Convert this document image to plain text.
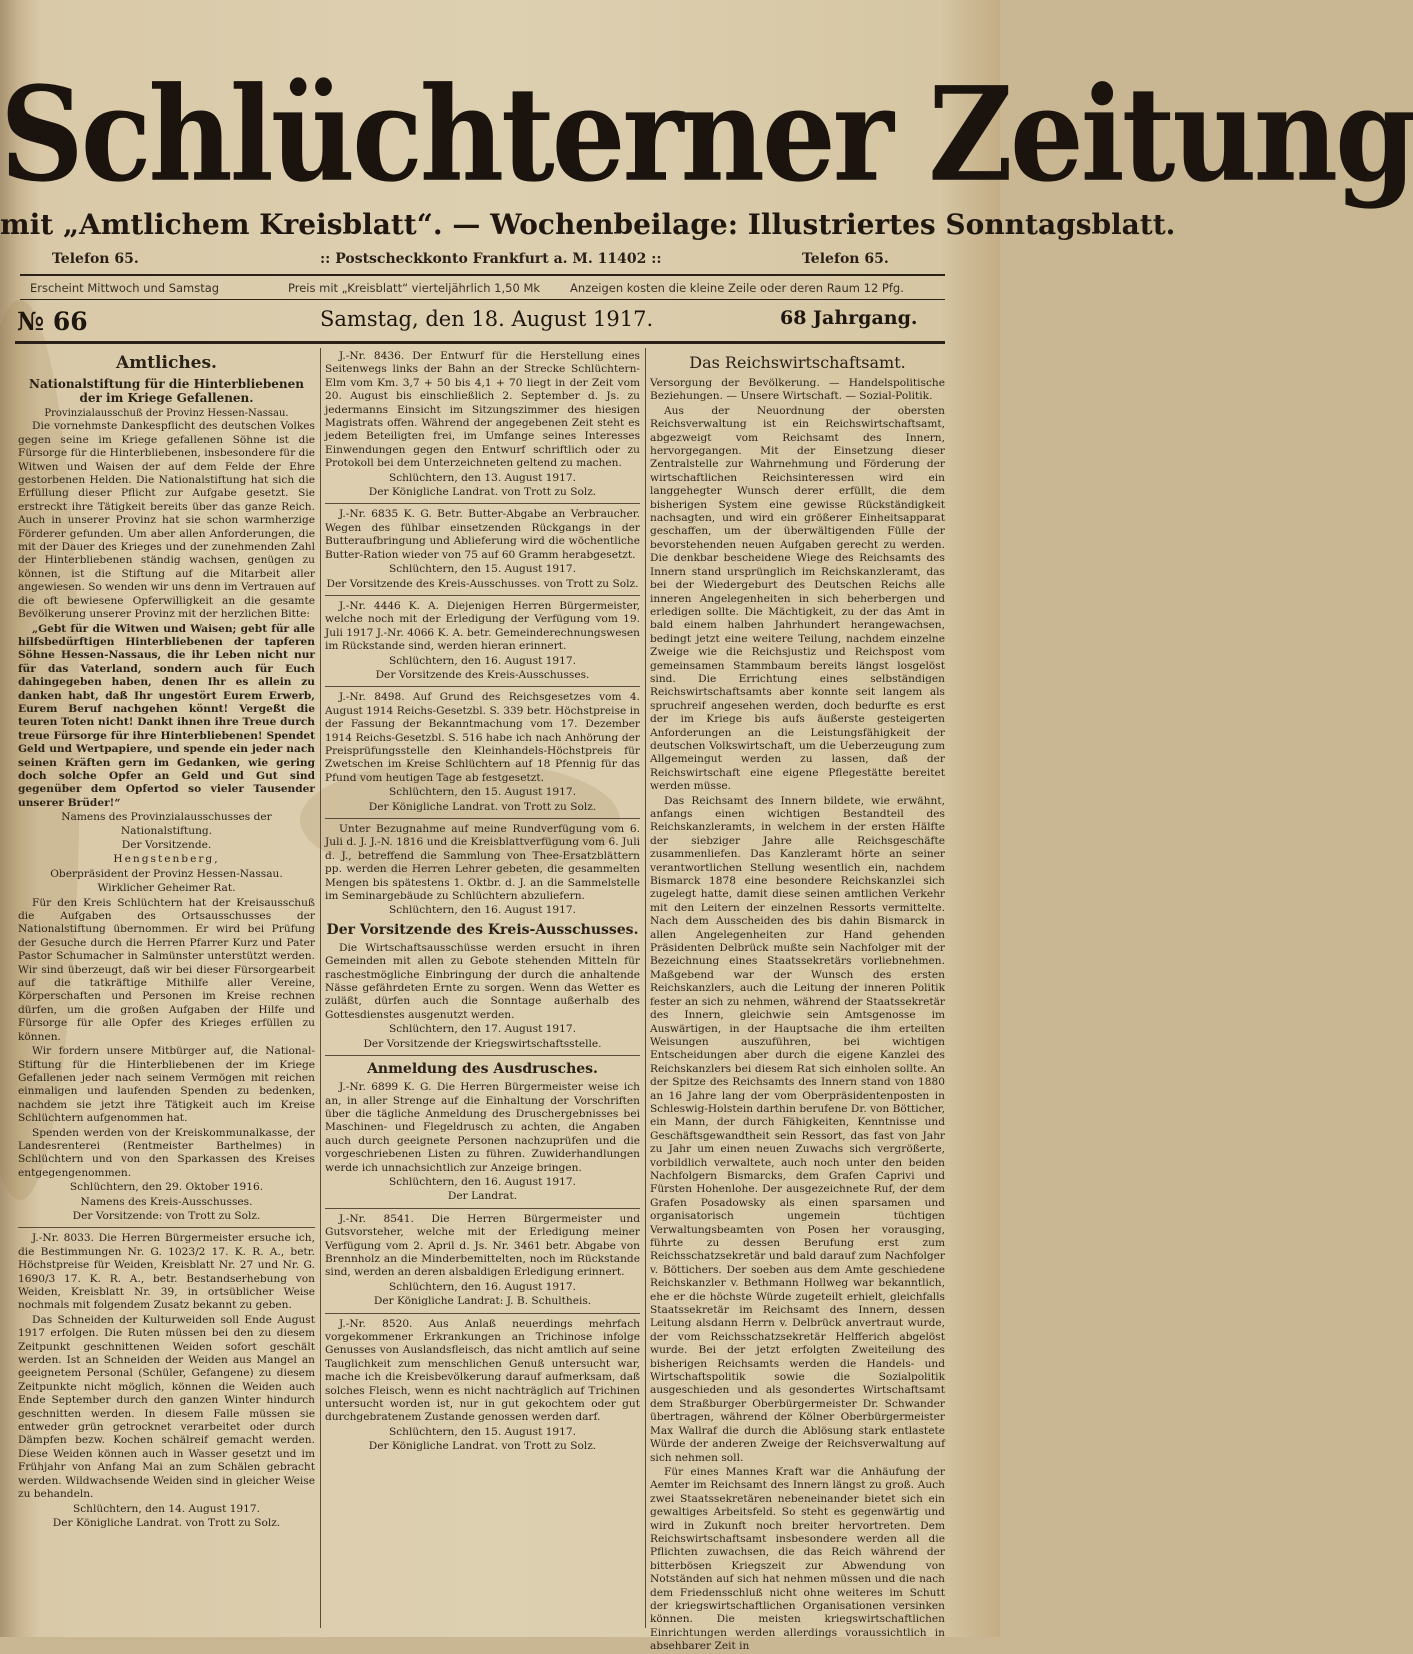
Schlüchterner Zeitung
mit „Amtlichem Kreisblatt“. — Wochenbeilage: Illustriertes Sonntagsblatt.
Telefon 65.	:: Postscheckkonto Frankfurt a. M. 11402 ::	Telefon 65.
Erscheint Mittwoch und Samstag	Preis mit „Kreisblatt“ vierteljährlich 1,50 Mk	Anzeigen kosten die kleine Zeile oder deren Raum 12 Pfg.
№ 66	Samstag, den 18. August 1917.	68 Jahrgang.

Amtliches.

Nationalstiftung für die Hinterbliebenen der im Kriege Gefallenen.

Provinzialausschuß der Provinz Hessen-Nassau.

Die vornehmste Dankespflicht des deutschen Volkes gegen seine im Kriege gefallenen Söhne ist die Fürsorge für die Hinterbliebenen, insbesondere für die Witwen und Waisen der auf dem Felde der Ehre gestorbenen Helden. Die Nationalstiftung hat sich die Erfüllung dieser Pflicht zur Aufgabe gesetzt. Sie erstreckt ihre Tätigkeit bereits über das ganze Reich. Auch in unserer Provinz hat sie schon warmherzige Förderer gefunden. Um aber allen Anforderungen, die mit der Dauer des Krieges und der zunehmenden Zahl der Hinterbliebenen ständig wachsen, genügen zu können, ist die Stiftung auf die Mitarbeit aller angewiesen. So wenden wir uns denn im Vertrauen auf die oft bewiesene Opferwilligkeit an die gesamte Bevölkerung unserer Provinz mit der herzlichen Bitte:

„Gebt für die Witwen und Waisen; gebt für alle hilfsbedürftigen Hinterbliebenen der tapferen Söhne Hessen-Nassaus, die ihr Leben nicht nur für das Vaterland, sondern auch für Euch dahingegeben haben, denen Ihr es allein zu danken habt, daß Ihr ungestört Eurem Erwerb, Eurem Beruf nachgehen könnt! Vergeßt die teuren Toten nicht! Dankt ihnen ihre Treue durch treue Fürsorge für ihre Hinterbliebenen! Spendet Geld und Wertpapiere, und spende ein jeder nach seinen Kräften gern im Gedanken, wie gering doch solche Opfer an Geld und Gut sind gegenüber dem Opfertod so vieler Tausender unserer Brüder!“

Namens des Provinzialausschusses der Nationalstiftung.

Der Vorsitzende.

Hengstenberg,

Oberpräsident der Provinz Hessen-Nassau.

Wirklicher Geheimer Rat.

Für den Kreis Schlüchtern hat der Kreisausschuß die Aufgaben des Ortsausschusses der Nationalstiftung übernommen. Er wird bei Prüfung der Gesuche durch die Herren Pfarrer Kurz und Pater Pastor Schumacher in Salmünster unterstützt werden. Wir sind überzeugt, daß wir bei dieser Fürsorgearbeit auf die tatkräftige Mithilfe aller Vereine, Körperschaften und Personen im Kreise rechnen dürfen, um die großen Aufgaben der Hilfe und Fürsorge für alle Opfer des Krieges erfüllen zu können.

Wir fordern unsere Mitbürger auf, die National-Stiftung für die Hinterbliebenen der im Kriege Gefallenen jeder nach seinem Vermögen mit reichen einmaligen und laufenden Spenden zu bedenken, nachdem sie jetzt ihre Tätigkeit auch im Kreise Schlüchtern aufgenommen hat.

Spenden werden von der Kreiskommunalkasse, der Landesrenterei (Rentmeister Barthelmes) in Schlüchtern und von den Sparkassen des Kreises entgegengenommen.

Schlüchtern, den 29. Oktober 1916.

Namens des Kreis-Ausschusses.

Der Vorsitzende: von Trott zu Solz.

J.-Nr. 8033. Die Herren Bürgermeister ersuche ich, die Bestimmungen Nr. G. 1023/2 17. K. R. A., betr. Höchstpreise für Weiden, Kreisblatt Nr. 27 und Nr. G. 1690/3 17. K. R. A., betr. Bestandserhebung von Weiden, Kreisblatt Nr. 39, in ortsüblicher Weise nochmals mit folgendem Zusatz bekannt zu geben.

Das Schneiden der Kulturweiden soll Ende August 1917 erfolgen. Die Ruten müssen bei den zu diesem Zeitpunkt geschnittenen Weiden sofort geschält werden. Ist an Schneiden der Weiden aus Mangel an geeignetem Personal (Schüler, Gefangene) zu diesem Zeitpunkte nicht möglich, können die Weiden auch Ende September durch den ganzen Winter hindurch geschnitten werden. In diesem Falle müssen sie entweder grün getrocknet verarbeitet oder durch Dämpfen bezw. Kochen schälreif gemacht werden. Diese Weiden können auch in Wasser gesetzt und im Frühjahr von Anfang Mai an zum Schälen gebracht werden. Wildwachsende Weiden sind in gleicher Weise zu behandeln.

Schlüchtern, den 14. August 1917.

Der Königliche Landrat. von Trott zu Solz.

J.-Nr. 8436. Der Entwurf für die Herstellung eines Seitenwegs links der Bahn an der Strecke Schlüchtern-Elm vom Km. 3,7 + 50 bis 4,1 + 70 liegt in der Zeit vom 20. August bis einschließlich 2. September d. Js. zu jedermanns Einsicht im Sitzungszimmer des hiesigen Magistrats offen. Während der angegebenen Zeit steht es jedem Beteiligten frei, im Umfange seines Interesses Einwendungen gegen den Entwurf schriftlich oder zu Protokoll bei dem Unterzeichneten geltend zu machen.

Schlüchtern, den 13. August 1917.

Der Königliche Landrat. von Trott zu Solz.

J.-Nr. 6835 K. G. Betr. Butter-Abgabe an Verbraucher. Wegen des fühlbar einsetzenden Rückgangs in der Butteraufbringung und Ablieferung wird die wöchentliche Butter-Ration wieder von 75 auf 60 Gramm herabgesetzt.

Schlüchtern, den 15. August 1917.

Der Vorsitzende des Kreis-Ausschusses. von Trott zu Solz.

J.-Nr. 4446 K. A. Diejenigen Herren Bürgermeister, welche noch mit der Erledigung der Verfügung vom 19. Juli 1917 J.-Nr. 4066 K. A. betr. Gemeinderechnungswesen im Rückstande sind, werden hieran erinnert.

Schlüchtern, den 16. August 1917.

Der Vorsitzende des Kreis-Ausschusses.

J.-Nr. 8498. Auf Grund des Reichsgesetzes vom 4. August 1914 Reichs-Gesetzbl. S. 339 betr. Höchstpreise in der Fassung der Bekanntmachung vom 17. Dezember 1914 Reichs-Gesetzbl. S. 516 habe ich nach Anhörung der Preisprüfungsstelle den Kleinhandels-Höchstpreis für Zwetschen im Kreise Schlüchtern auf 18 Pfennig für das Pfund vom heutigen Tage ab festgesetzt.

Schlüchtern, den 15. August 1917.

Der Königliche Landrat. von Trott zu Solz.

Unter Bezugnahme auf meine Rundverfügung vom 6. Juli d. J. J.-N. 1816 und die Kreisblattverfügung vom 6. Juli d. J., betreffend die Sammlung von Thee-Ersatzblättern pp. werden die Herren Lehrer gebeten, die gesammelten Mengen bis spätestens 1. Oktbr. d. J. an die Sammelstelle im Seminargebäude zu Schlüchtern abzuliefern.

Schlüchtern, den 16. August 1917.

Der Vorsitzende des Kreis-Ausschusses.

Die Wirtschaftsausschüsse werden ersucht in ihren Gemeinden mit allen zu Gebote stehenden Mitteln für raschestmögliche Einbringung der durch die anhaltende Nässe gefährdeten Ernte zu sorgen. Wenn das Wetter es zuläßt, dürfen auch die Sonntage außerhalb des Gottesdienstes ausgenutzt werden.

Schlüchtern, den 17. August 1917.

Der Vorsitzende der Kriegswirtschaftsstelle.

Anmeldung des Ausdrusches.

J.-Nr. 6899 K. G. Die Herren Bürgermeister weise ich an, in aller Strenge auf die Einhaltung der Vorschriften über die tägliche Anmeldung des Druschergebnisses bei Maschinen- und Flegeldrusch zu achten, die Angaben auch durch geeignete Personen nachzuprüfen und die vorgeschriebenen Listen zu führen. Zuwiderhandlungen werde ich unnachsichtlich zur Anzeige bringen.

Schlüchtern, den 16. August 1917.

Der Landrat.

J.-Nr. 8541. Die Herren Bürgermeister und Gutsvorsteher, welche mit der Erledigung meiner Verfügung vom 2. April d. Js. Nr. 3461 betr. Abgabe von Brennholz an die Minderbemittelten, noch im Rückstande sind, werden an deren alsbaldigen Erledigung erinnert.

Schlüchtern, den 16. August 1917.

Der Königliche Landrat: J. B. Schultheis.

J.-Nr. 8520. Aus Anlaß neuerdings mehrfach vorgekommener Erkrankungen an Trichinose infolge Genusses von Auslandsfleisch, das nicht amtlich auf seine Tauglichkeit zum menschlichen Genuß untersucht war, mache ich die Kreisbevölkerung darauf aufmerksam, daß solches Fleisch, wenn es nicht nachträglich auf Trichinen untersucht worden ist, nur in gut gekochtem oder gut durchgebratenem Zustande genossen werden darf.

Schlüchtern, den 15. August 1917.

Der Königliche Landrat. von Trott zu Solz.

Das Reichswirtschaftsamt.

Versorgung der Bevölkerung. — Handelspolitische Beziehungen. — Unsere Wirtschaft. — Sozial-Politik.

Aus der Neuordnung der obersten Reichsverwaltung ist ein Reichswirtschaftsamt, abgezweigt vom Reichsamt des Innern, hervorgegangen. Mit der Einsetzung dieser Zentralstelle zur Wahrnehmung und Förderung der wirtschaftlichen Reichsinteressen wird ein langgehegter Wunsch derer erfüllt, die dem bisherigen System eine gewisse Rückständigkeit nachsagten, und wird ein größerer Einheitsapparat geschaffen, um der überwältigenden Fülle der bevorstehenden neuen Aufgaben gerecht zu werden. Die denkbar bescheidene Wiege des Reichsamts des Innern stand ursprünglich im Reichskanzleramt, das bei der Wiedergeburt des Deutschen Reichs alle inneren Angelegenheiten in sich beherbergen und erledigen sollte. Die Mächtigkeit, zu der das Amt in bald einem halben Jahrhundert herangewachsen, bedingt jetzt eine weitere Teilung, nachdem einzelne Zweige wie die Reichsjustiz und Reichspost vom gemeinsamen Stammbaum bereits längst losgelöst sind. Die Errichtung eines selbständigen Reichswirtschaftsamts aber konnte seit langem als spruchreif angesehen werden, doch bedurfte es erst der im Kriege bis aufs äußerste gesteigerten Anforderungen an die Leistungsfähigkeit der deutschen Volkswirtschaft, um die Ueberzeugung zum Allgemeingut werden zu lassen, daß der Reichswirtschaft eine eigene Pflegestätte bereitet werden müsse.

Das Reichsamt des Innern bildete, wie erwähnt, anfangs einen wichtigen Bestandteil des Reichskanzleramts, in welchem in der ersten Hälfte der siebziger Jahre alle Reichsgeschäfte zusammenliefen. Das Kanzleramt hörte an seiner verantwortlichen Stellung wesentlich ein, nachdem Bismarck 1878 eine besondere Reichskanzlei sich zugelegt hatte, damit diese seinen amtlichen Verkehr mit den Leitern der einzelnen Ressorts vermittelte. Nach dem Ausscheiden des bis dahin Bismarck in allen Angelegenheiten zur Hand gehenden Präsidenten Delbrück mußte sein Nachfolger mit der Bezeichnung eines Staatssekretärs vorliebnehmen. Maßgebend war der Wunsch des ersten Reichskanzlers, auch die Leitung der inneren Politik fester an sich zu nehmen, während der Staatssekretär des Innern, gleichwie sein Amtsgenosse im Auswärtigen, in der Hauptsache die ihm erteilten Weisungen auszuführen, bei wichtigen Entscheidungen aber durch die eigene Kanzlei des Reichskanzlers bei diesem Rat sich einholen sollte. An der Spitze des Reichsamts des Innern stand von 1880 an 16 Jahre lang der vom Oberpräsidentenposten in Schleswig-Holstein darthin berufene Dr. von Bötticher, ein Mann, der durch Fähigkeiten, Kenntnisse und Geschäftsgewandtheit sein Ressort, das fast von Jahr zu Jahr um einen neuen Zuwachs sich vergrößerte, vorbildlich verwaltete, auch noch unter den beiden Nachfolgern Bismarcks, dem Grafen Caprivi und Fürsten Hohenlohe. Der ausgezeichnete Ruf, der dem Grafen Posadowsky als einen sparsamen und organisatorisch ungemein tüchtigen Verwaltungsbeamten von Posen her vorausging, führte zu dessen Berufung erst zum Reichsschatzsekretär und bald darauf zum Nachfolger v. Böttichers. Der soeben aus dem Amte geschiedene Reichskanzler v. Bethmann Hollweg war bekanntlich, ehe er die höchste Würde zugeteilt erhielt, gleichfalls Staatssekretär im Reichsamt des Innern, dessen Leitung alsdann Herrn v. Delbrück anvertraut wurde, der vom Reichsschatzsekretär Helfferich abgelöst wurde. Bei der jetzt erfolgten Zweiteilung des bisherigen Reichsamts werden die Handels- und Wirtschaftspolitik sowie die Sozialpolitik ausgeschieden und als gesondertes Wirtschaftsamt dem Straßburger Oberbürgermeister Dr. Schwander übertragen, während der Kölner Oberbürgermeister Max Wallraf die durch die Ablösung stark entlastete Würde der anderen Zweige der Reichsverwaltung auf sich nehmen soll.

Für eines Mannes Kraft war die Anhäufung der Aemter im Reichsamt des Innern längst zu groß. Auch zwei Staatssekretären nebeneinander bietet sich ein gewaltiges Arbeitsfeld. So steht es gegenwärtig und wird in Zukunft noch breiter hervortreten. Dem Reichswirtschaftsamt insbesondere werden all die Pflichten zuwachsen, die das Reich während der bitterbösen Kriegszeit zur Abwendung von Notständen auf sich hat nehmen müssen und die nach dem Friedensschluß nicht ohne weiteres im Schutt der kriegswirtschaftlichen Organisationen versinken können. Die meisten kriegswirtschaftlichen Einrichtungen werden allerdings voraussichtlich in absehbarer Zeit in
